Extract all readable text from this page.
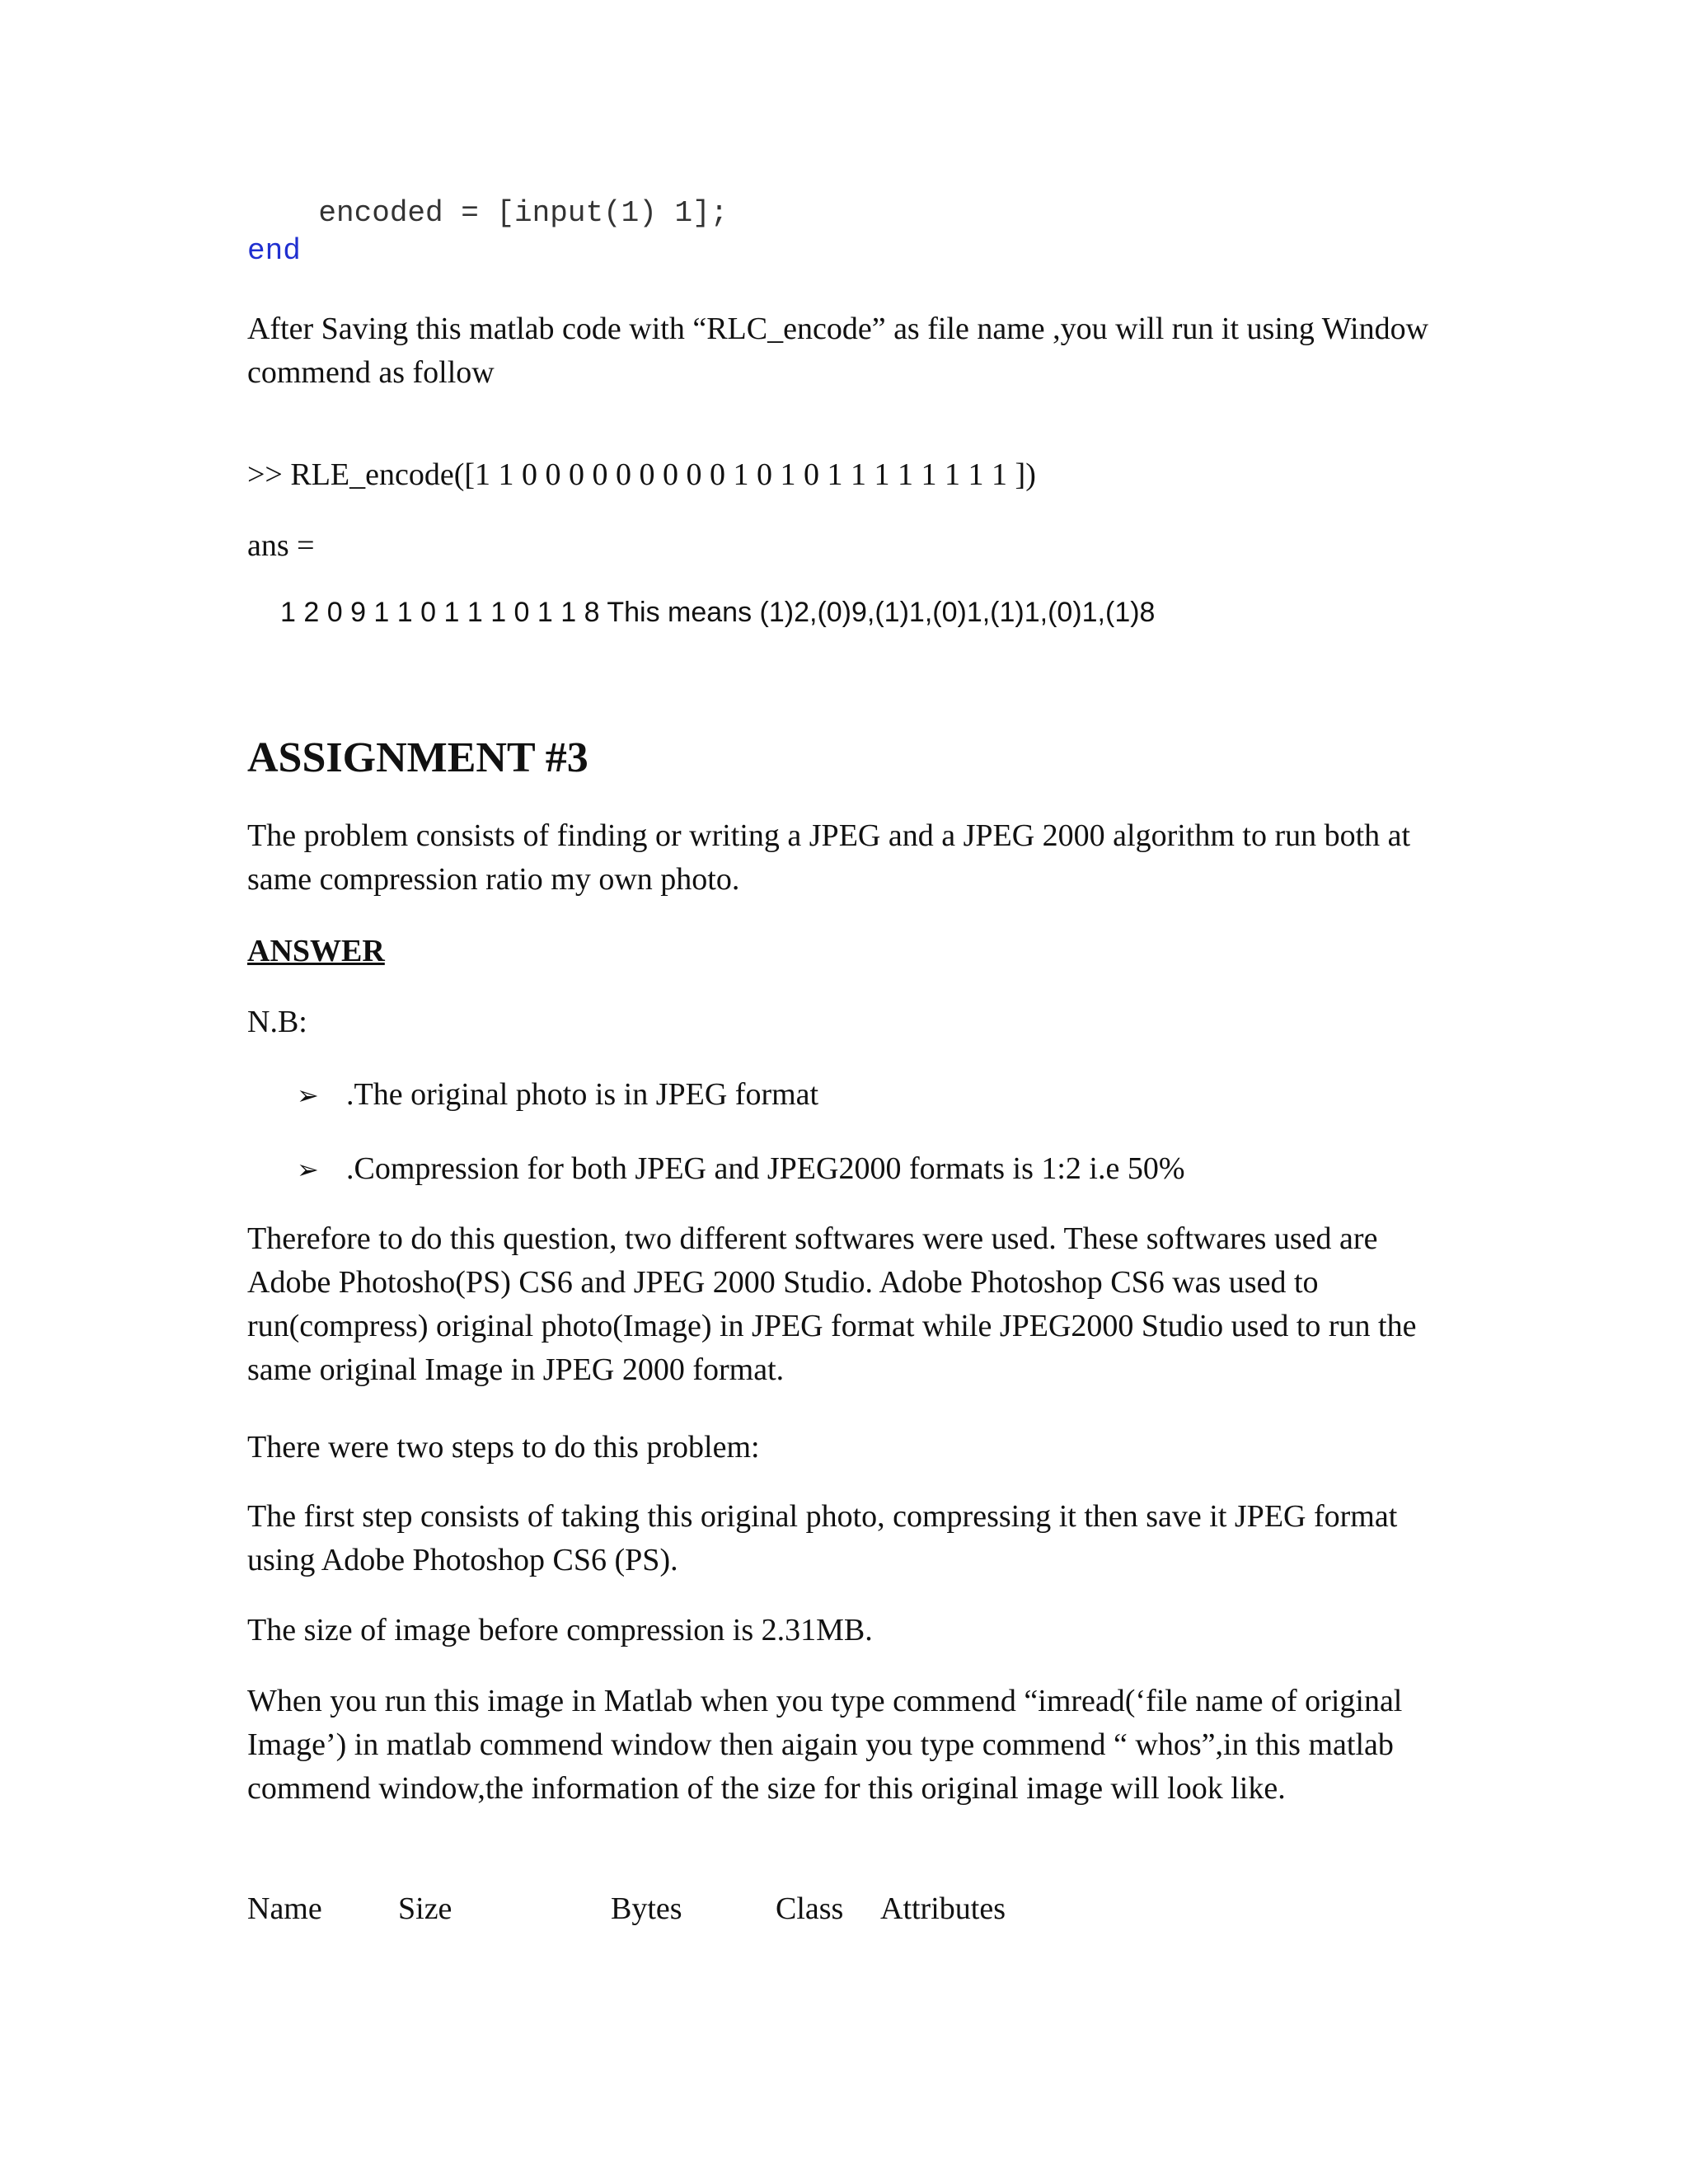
encoded = [input(1) 1];
end

After Saving this matlab code with “RLC_encode” as file name ,you will run it using Window commend as follow

>> RLE_encode([1 1 0 0 0 0 0 0 0 0 0 1 0 1 0 1 1 1 1 1 1 1 1 ])

ans =

1 2 0 9 1 1 0 1 1 1 0 1 1 8 This means (1)2,(0)9,(1)1,(0)1,(1)1,(0)1,(1)8
ASSIGNMENT #3

The problem consists of finding or writing a JPEG and a JPEG 2000 algorithm to run both at same compression ratio my own photo.

ANSWER

N.B:

➢ .The original photo is in JPEG format
➢ .Compression for both JPEG and JPEG2000 formats is 1:2 i.e 50%

Therefore to do this question, two different softwares were used. These softwares used are Adobe Photosho(PS) CS6 and JPEG 2000 Studio. Adobe Photoshop CS6 was used to run(compress) original photo(Image) in JPEG format while JPEG2000 Studio used to run the same original Image in JPEG 2000 format.

There were two steps to do this problem:

The first step consists of taking this original photo, compressing it then save it JPEG format using Adobe Photoshop CS6 (PS).

The size of image before compression is 2.31MB.

When you run this image in Matlab when you type commend “imread(‘file name of original Image’) in matlab commend window then aigain you type commend “ whos”,in this matlab commend window,the information of the size for this original image will look like.

Name Size	Bytes	Class Attributes
